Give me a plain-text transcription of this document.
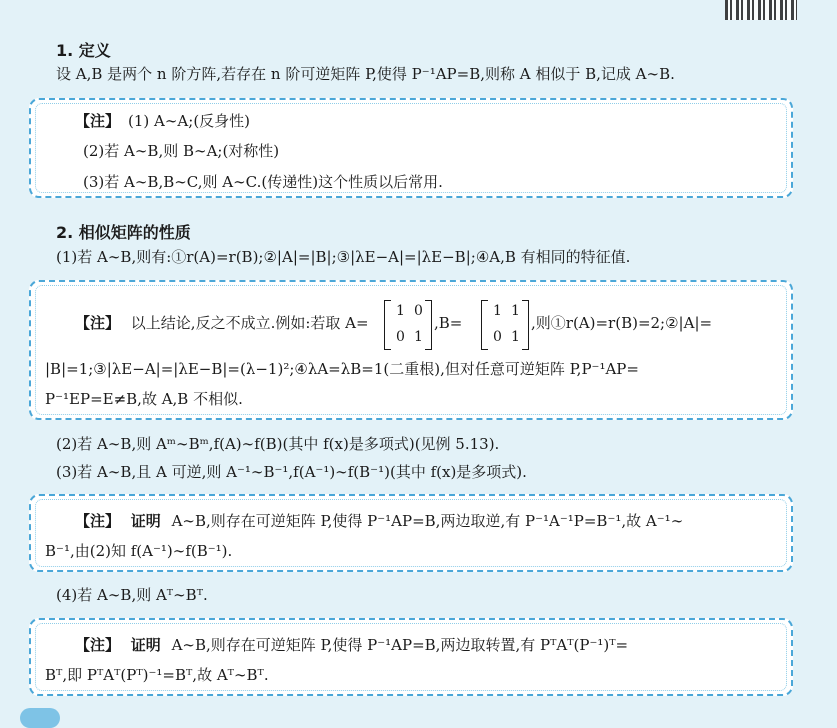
1. 定义
设 A,B 是两个 n 阶方阵,若存在 n 阶可逆矩阵 P,使得 P⁻¹AP=B,则称 A 相似于 B,记成 A∼B.
【注】 (1) A∼A;(反身性)
(2)若 A∼B,则 B∼A;(对称性)
(3)若 A∼B,B∼C,则 A∼C.(传递性)这个性质以后常用.
2. 相似矩阵的性质
(1)若 A∼B,则有:①r(A)=r(B);②|A|=|B|;③|λE−A|=|λE−B|;④A,B 有相同的特征值.
【注】 以上结论,反之不成立.例如:若取 A=
1 0
0 1
,B=
1 1
0 1
,则①r(A)=r(B)=2;②|A|=
|B|=1;③|λE−A|=|λE−B|=(λ−1)²;④λA=λB=1(二重根),但对任意可逆矩阵 P,P⁻¹AP=
P⁻¹EP=E≠B,故 A,B 不相似.
(2)若 A∼B,则 Aᵐ∼Bᵐ,f(A)∼f(B)(其中 f(x)是多项式)(见例 5.13).
(3)若 A∼B,且 A 可逆,则 A⁻¹∼B⁻¹,f(A⁻¹)∼f(B⁻¹)(其中 f(x)是多项式).
【注】 证明 A∼B,则存在可逆矩阵 P,使得 P⁻¹AP=B,两边取逆,有 P⁻¹A⁻¹P=B⁻¹,故 A⁻¹∼
B⁻¹,由(2)知 f(A⁻¹)∼f(B⁻¹).
(4)若 A∼B,则 Aᵀ∼Bᵀ.
【注】 证明 A∼B,则存在可逆矩阵 P,使得 P⁻¹AP=B,两边取转置,有 PᵀAᵀ(P⁻¹)ᵀ=
Bᵀ,即 PᵀAᵀ(Pᵀ)⁻¹=Bᵀ,故 Aᵀ∼Bᵀ.
